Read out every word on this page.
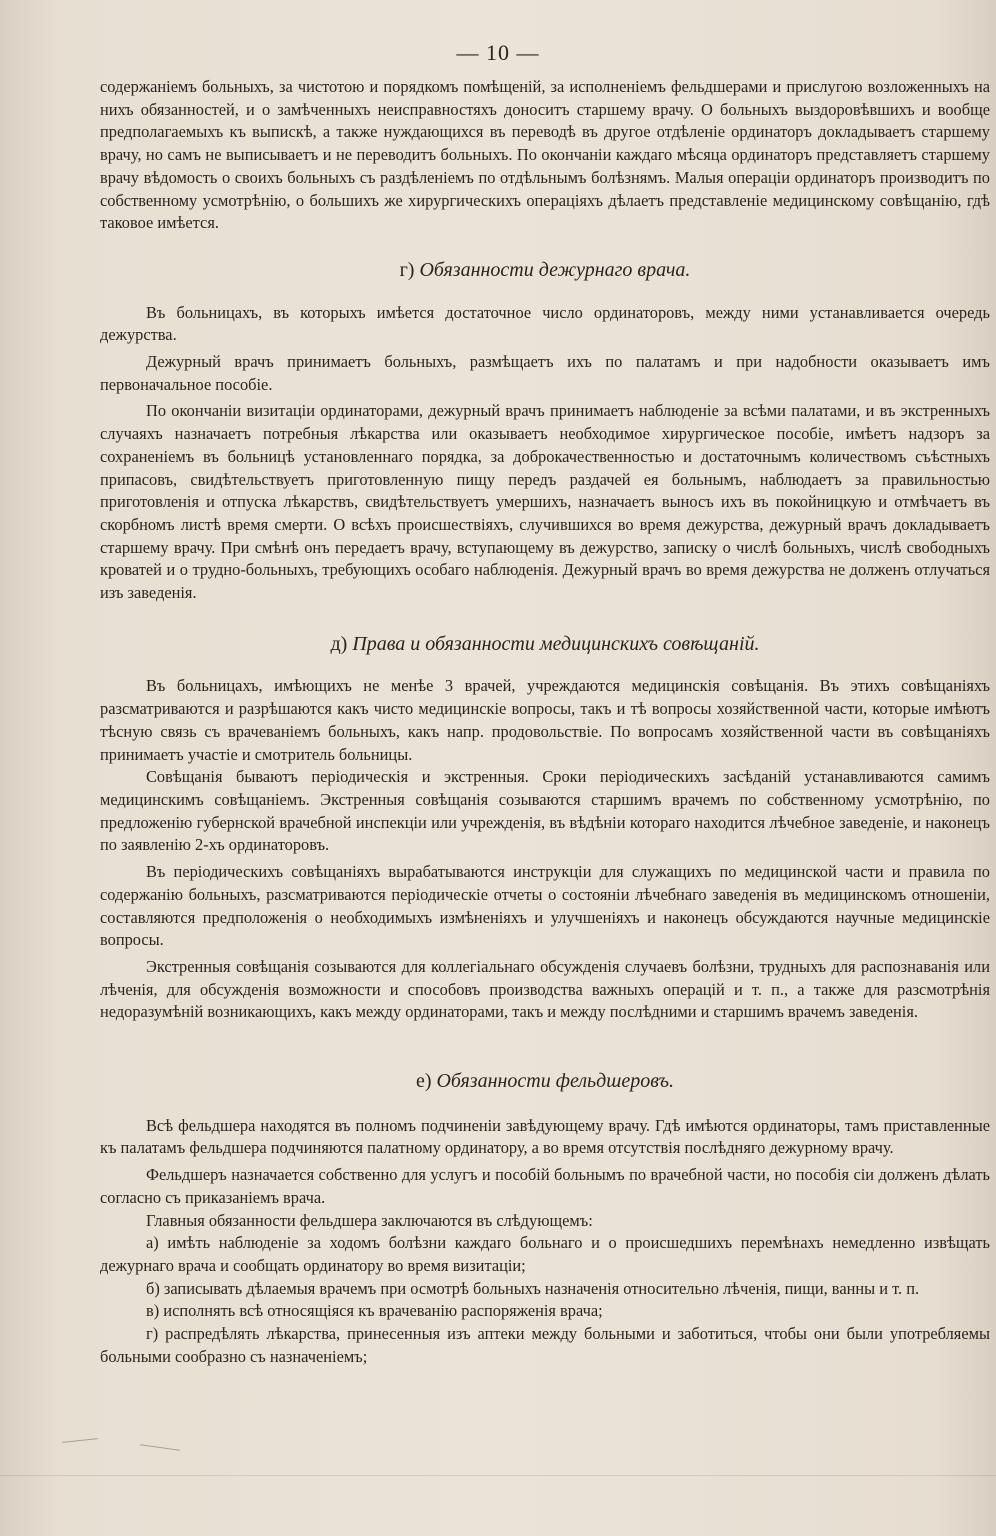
— 10 —

содержаніемъ больныхъ, за чистотою и порядкомъ помѣщеній, за исполненіемъ фельдшерами и прислугою возложенныхъ на нихъ обязанностей, и о замѣченныхъ неисправностяхъ доноситъ старшему врачу. О больныхъ выздоровѣвшихъ и вообще предполагаемыхъ къ выпискѣ, а также нуждающихся въ переводѣ въ другое отдѣленіе ординаторъ докладываетъ старшему врачу, но самъ не выписываетъ и не переводитъ больныхъ. По окончаніи каждаго мѣсяца ординаторъ представляетъ старшему врачу вѣдомость о своихъ больныхъ съ раздѣленіемъ по отдѣльнымъ болѣзнямъ. Малыя операціи ординаторъ производитъ по собственному усмотрѣнію, о большихъ же хирургическихъ операціяхъ дѣлаетъ представленіе медицинскому совѣщанію, гдѣ таковое имѣется.

г) Обязанности дежурнаго врача.

Въ больницахъ, въ которыхъ имѣется достаточное число ординаторовъ, между ними устанавливается очередь дежурства.

Дежурный врачъ принимаетъ больныхъ, размѣщаетъ ихъ по палатамъ и при надобности оказываетъ имъ первоначальное пособіе.

По окончаніи визитаціи ординаторами, дежурный врачъ принимаетъ наблюденіе за всѣми палатами, и въ экстренныхъ случаяхъ назначаетъ потребныя лѣкарства или оказываетъ необходимое хирургическое пособіе, имѣетъ надзоръ за сохраненіемъ въ больницѣ установленнаго порядка, за доброкачественностью и достаточнымъ количествомъ съѣстныхъ припасовъ, свидѣтельствуетъ приготовленную пищу передъ раздачей ея больнымъ, наблюдаетъ за правильностью приготовленія и отпуска лѣкарствъ, свидѣтельствуетъ умершихъ, назначаетъ выносъ ихъ въ покойницкую и отмѣчаетъ въ скорбномъ листѣ время смерти. О всѣхъ происшествіяхъ, случившихся во время дежурства, дежурный врачъ докладываетъ старшему врачу. При смѣнѣ онъ передаетъ врачу, вступающему въ дежурство, записку о числѣ больныхъ, числѣ свободныхъ кроватей и о трудно-больныхъ, требующихъ особаго наблюденія. Дежурный врачъ во время дежурства не долженъ отлучаться изъ заведенія.

д) Права и обязанности медицинскихъ совѣщаній.

Въ больницахъ, имѣющихъ не менѣе 3 врачей, учреждаются медицинскія совѣщанія. Въ этихъ совѣщаніяхъ разсматриваются и разрѣшаются какъ чисто медицинскіе вопросы, такъ и тѣ вопросы хозяйственной части, которые имѣютъ тѣсную связь съ врачеваніемъ больныхъ, какъ напр. продовольствіе. По вопросамъ хозяйственной части въ совѣщаніяхъ принимаетъ участіе и смотритель больницы.

Совѣщанія бываютъ періодическія и экстренныя. Сроки періодическихъ засѣданій устанавливаются самимъ медицинскимъ совѣщаніемъ. Экстренныя совѣщанія созываются старшимъ врачемъ по собственному усмотрѣнію, по предложенію губернской врачебной инспекціи или учрежденія, въ вѣдѣніи котораго находится лѣчебное заведеніе, и наконецъ по заявленію 2-хъ ординаторовъ.

Въ періодическихъ совѣщаніяхъ вырабатываются инструкціи для служащихъ по медицинской части и правила по содержанію больныхъ, разсматриваются періодическіе отчеты о состояніи лѣчебнаго заведенія въ медицинскомъ отношеніи, составляются предположенія о необходимыхъ измѣненіяхъ и улучшеніяхъ и наконецъ обсуждаются научные медицинскіе вопросы.

Экстренныя совѣщанія созываются для коллегіальнаго обсужденія случаевъ болѣзни, трудныхъ для распознаванія или лѣченія, для обсужденія возможности и способовъ производства важныхъ операцій и т. п., а также для разсмотрѣнія недоразумѣній возникающихъ, какъ между ординаторами, такъ и между послѣдними и старшимъ врачемъ заведенія.

е) Обязанности фельдшеровъ.

Всѣ фельдшера находятся въ полномъ подчиненіи завѣдующему врачу. Гдѣ имѣются ординаторы, тамъ приставленные къ палатамъ фельдшера подчиняются палатному ординатору, а во время отсутствія послѣдняго дежурному врачу.

Фельдшеръ назначается собственно для услугъ и пособій больнымъ по врачебной части, но пособія сіи долженъ дѣлать согласно съ приказаніемъ врача.

Главныя обязанности фельдшера заключаются въ слѣдующемъ:

а) имѣть наблюденіе за ходомъ болѣзни каждаго больнаго и о происшедшихъ перемѣнахъ немедленно извѣщать дежурнаго врача и сообщать ординатору во время визитаціи;

б) записывать дѣлаемыя врачемъ при осмотрѣ больныхъ назначенія относительно лѣченія, пищи, ванны и т. п.

в) исполнять всѣ относящіяся къ врачеванію распоряженія врача;

г) распредѣлять лѣкарства, принесенныя изъ аптеки между больными и заботиться, чтобы они были употребляемы больными сообразно съ назначеніемъ;
